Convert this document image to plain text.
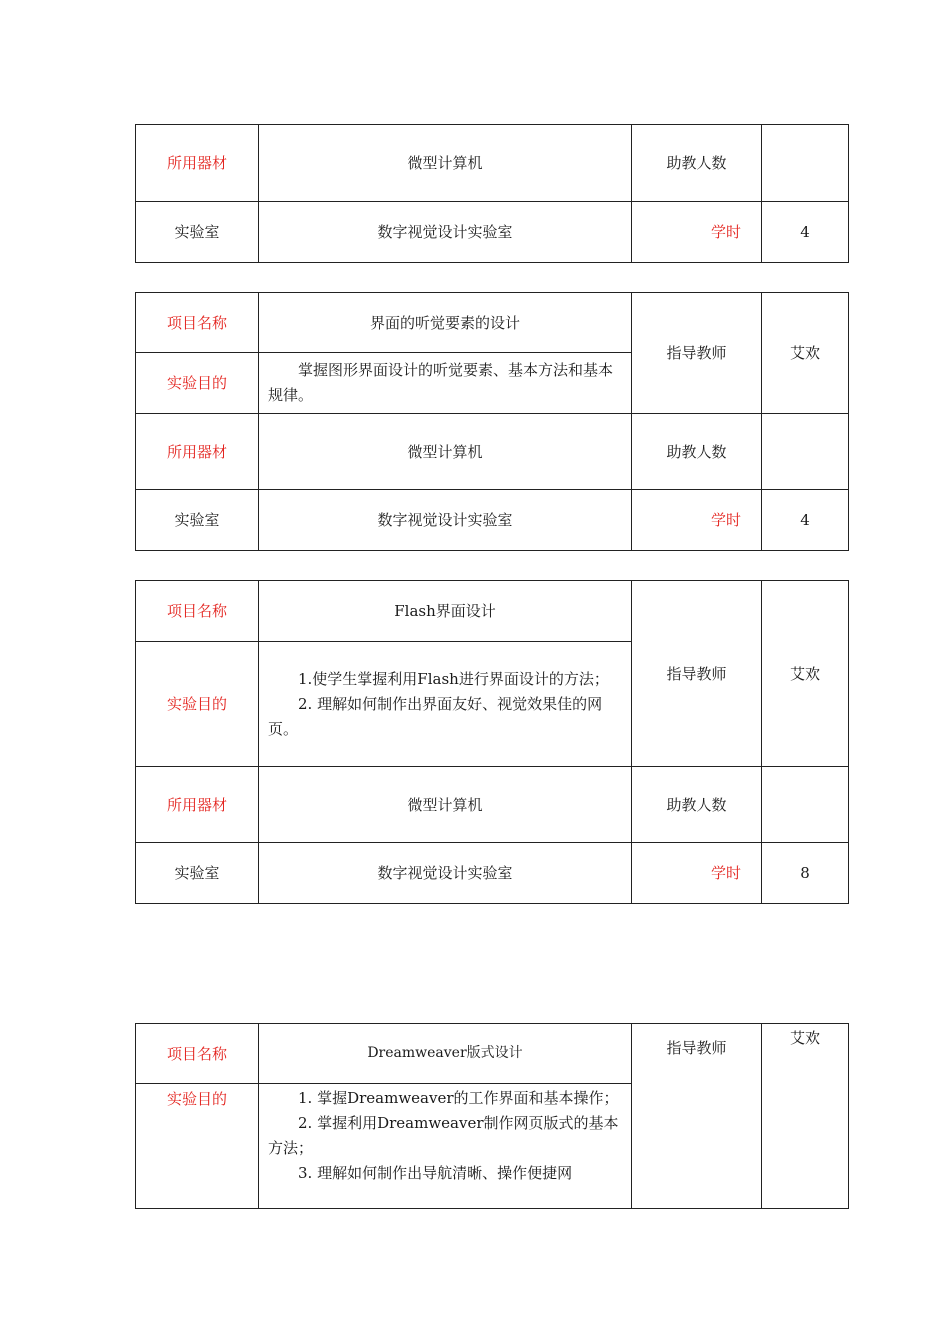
所用器材	微型计算机	助教人数	
实验室	数字视觉设计实验室	学时	4
项目名称	界面的听觉要素的设计	指导教师	艾欢
实验目的	掌握图形界面设计的听觉要素、基本方法和基本规律。		

所用器材	微型计算机	助教人数	
实验室	数字视觉设计实验室	学时	4
项目名称	Flash界面设计	指导教师	艾欢
实验目的	1.使学生掌握利用Flash进行界面设计的方法；

2. 理解如何制作出界面友好、视觉效果佳的网页。		

所用器材	微型计算机	助教人数	
实验室	数字视觉设计实验室	学时	8
项目名称	Dreamweaver版式设计	指导教师	艾欢
实验目的	1. 掌握Dreamweaver的工作界面和基本操作；

2. 掌握利用Dreamweaver制作网页版式的基本方法；

3. 理解如何制作出导航清晰、操作便捷网		
